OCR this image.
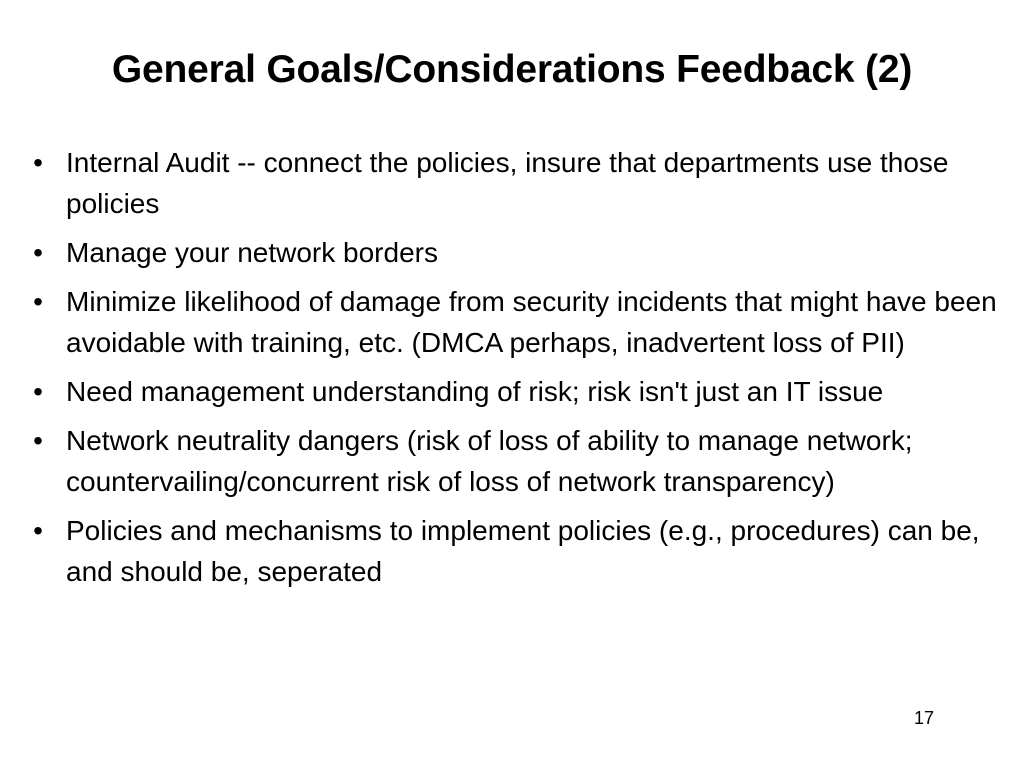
General Goals/Considerations Feedback (2)
• Internal Audit -- connect the policies, insure that departments use those policies
• Manage your network borders
• Minimize likelihood of damage from security incidents that might have been avoidable with training, etc. (DMCA perhaps, inadvertent loss of PII)
• Need management understanding of risk; risk isn't just an IT issue
• Network neutrality dangers (risk of loss of ability to manage network; countervailing/concurrent risk of loss of network transparency)
• Policies and mechanisms to implement policies (e.g., procedures) can be, and should be, seperated
17
